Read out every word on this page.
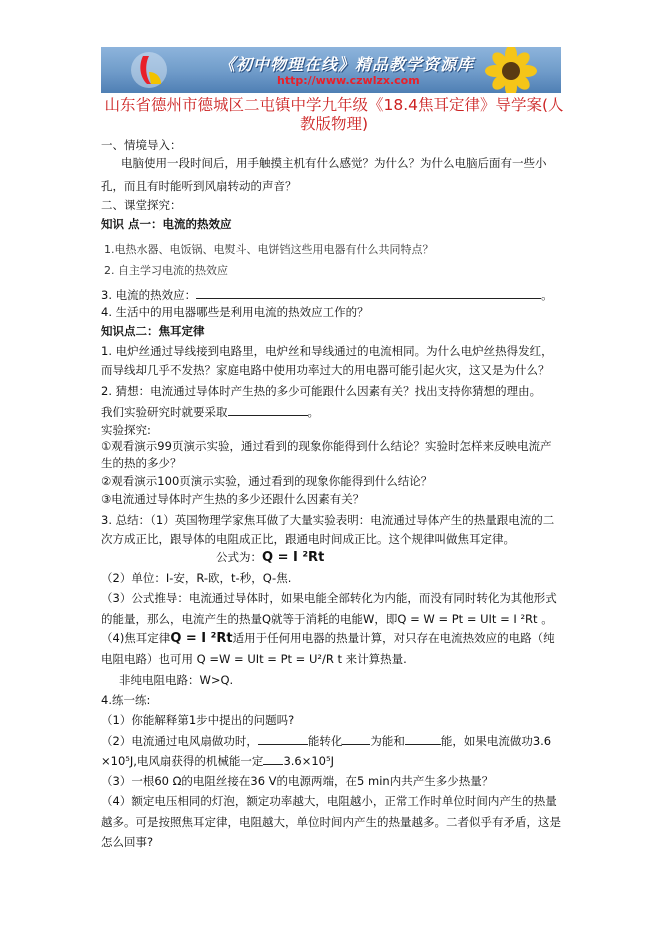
《初中物理在线》精品教学资源库
http://www.czwlzx.com
山东省德州市德城区二屯镇中学九年级《18.4焦耳定律》导学案(人教版物理)
一、情境导入：
电脑使用一段时间后，用手触摸主机有什么感觉？为什么？为什么电脑后面有一些小
孔，而且有时能听到风扇转动的声音？
二、课堂探究：
知识 点一：电流的热效应
1.电热水器、电饭锅、电熨斗、电饼铛这些用电器有什么共同特点？
2. 自主学习电流的热效应
3. 电流的热效应：	。
4. 生活中的用电器哪些是利用电流的热效应工作的？
知识点二：焦耳定律
1. 电炉丝通过导线接到电路里，电炉丝和导线通过的电流相同。为什么电炉丝热得发红，
而导线却几乎不发热？家庭电路中使用功率过大的用电器可能引起火灾，这又是为什么？
2. 猜想：电流通过导体时产生热的多少可能跟什么因素有关？找出支持你猜想的理由。
我们实验研究时就要采取	。
实验探究:
①观看演示99页演示实验，通过看到的现象你能得到什么结论？实验时怎样来反映电流产
生的热的多少？
②观看演示100页演示实验，通过看到的现象你能得到什么结论？
③电流通过导体时产生热的多少还跟什么因素有关？
3. 总结：（1）英国物理学家焦耳做了大量实验表明：电流通过导体产生的热量跟电流的二
次方成正比，跟导体的电阻成正比，跟通电时间成正比。这个规律叫做焦耳定律。
公式为：Q = I ²Rt
（2）单位：I-安，R-欧，t-秒，Q-焦.
（3）公式推导：电流通过导体时，如果电能全部转化为内能，而没有同时转化为其他形式
的能量，那么，电流产生的热量Q就等于消耗的电能W，即Q = W = Pt = UIt = I ²Rt 。
（4)焦耳定律Q = I ²Rt适用于任何用电器的热量计算，对只存在电流热效应的电路（纯
电阻电路）也可用 Q =W = UIt = Pt = U²/R t 来计算热量.
非纯电阻电路：W>Q.
4.练一练:
（1）你能解释第1步中提出的问题吗?
（2）电流通过电风扇做功时，	能转化 为能和	能，如果电流做功3.6
×10⁵J,电风扇获得的机械能一定 3.6×10⁵J
（3）一根60 Ω的电阻丝接在36 V的电源两端，在5 min内共产生多少热量？
（4）额定电压相同的灯泡，额定功率越大，电阻越小，正常工作时单位时间内产生的热量
越多。可是按照焦耳定律，电阻越大，单位时间内产生的热量越多。二者似乎有矛盾，这是
怎么回事?
